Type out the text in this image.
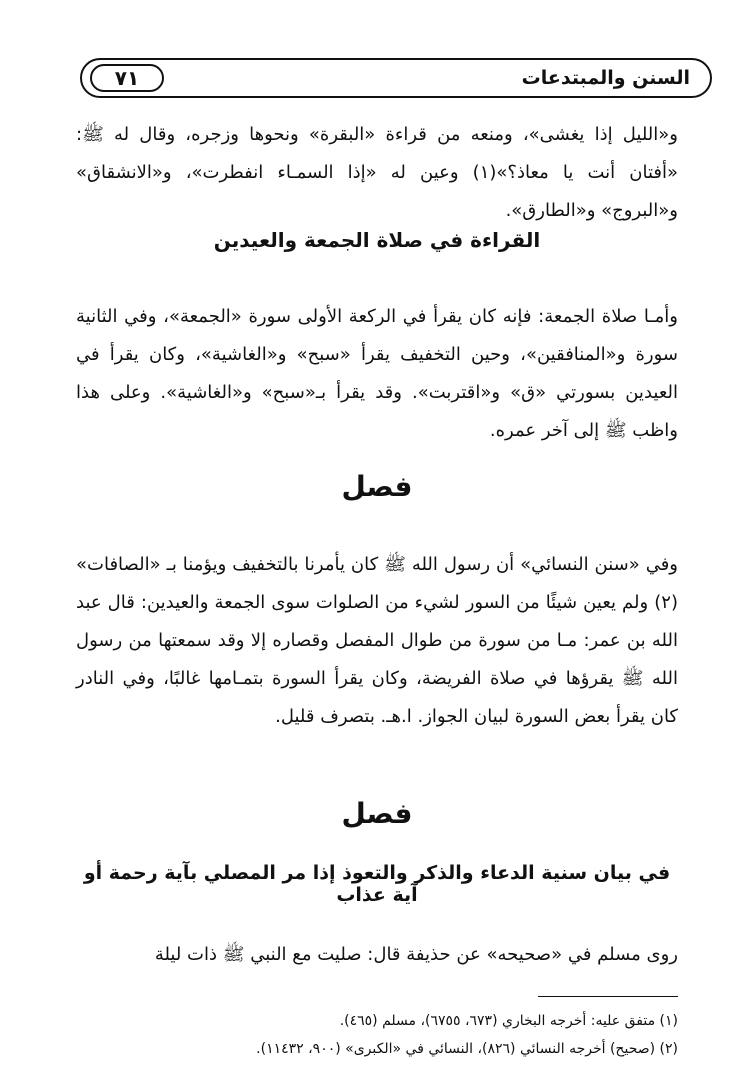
السنن والمبتدعات
٧١

و«الليل إذا يغشى»، ومنعه من قراءة «البقرة» ونحوها وزجره، وقال له ﷺ: «أفتان أنت يا معاذ؟»(١) وعين له «إذا السمـاء انفطرت»، و«الانشقاق» و«البروج» و«الطارق».

القراءة في صلاة الجمعة والعيدين

وأمـا صلاة الجمعة: فإنه كان يقرأ في الركعة الأولى سورة «الجمعة»، وفي الثانية سورة و«المنافقين»، وحين التخفيف يقرأ «سبح» و«الغاشية»، وكان يقرأ في العيدين بسورتي «ق» و«اقتربت». وقد يقرأ بـ«سبح» و«الغاشية». وعلى هذا واظب ﷺ إلى آخر عمره.

فصل

وفي «سنن النسائي» أن رسول الله ﷺ كان يأمرنا بالتخفيف ويؤمنا بـ «الصافات» (٢) ولم يعين شيئًا من السور لشيء من الصلوات سوى الجمعة والعيدين: قال عبد الله بن عمر: مـا من سورة من طوال المفصل وقصاره إلا وقد سمعتها من رسول الله ﷺ يقرؤها في صلاة الفريضة، وكان يقرأ السورة بتمـامها غالبًا، وفي النادر كان يقرأ بعض السورة لبيان الجواز. ا.هـ. بتصرف قليل.

فصل

في بيان سنية الدعاء والذكر والتعوذ إذا مر المصلي بآية رحمة أو آية عذاب

روى مسلم في «صحيحه» عن حذيفة قال: صليت مع النبي ﷺ ذات ليلة

(١) متفق عليه: أخرجه البخاري (٦٧٣، ٦٧٥٥)، مسلم (٤٦٥).

(٢) (صحيح) أخرجه النسائي (٨٢٦)، النسائي في «الكبرى» (٩٠٠، ١١٤٣٢).
